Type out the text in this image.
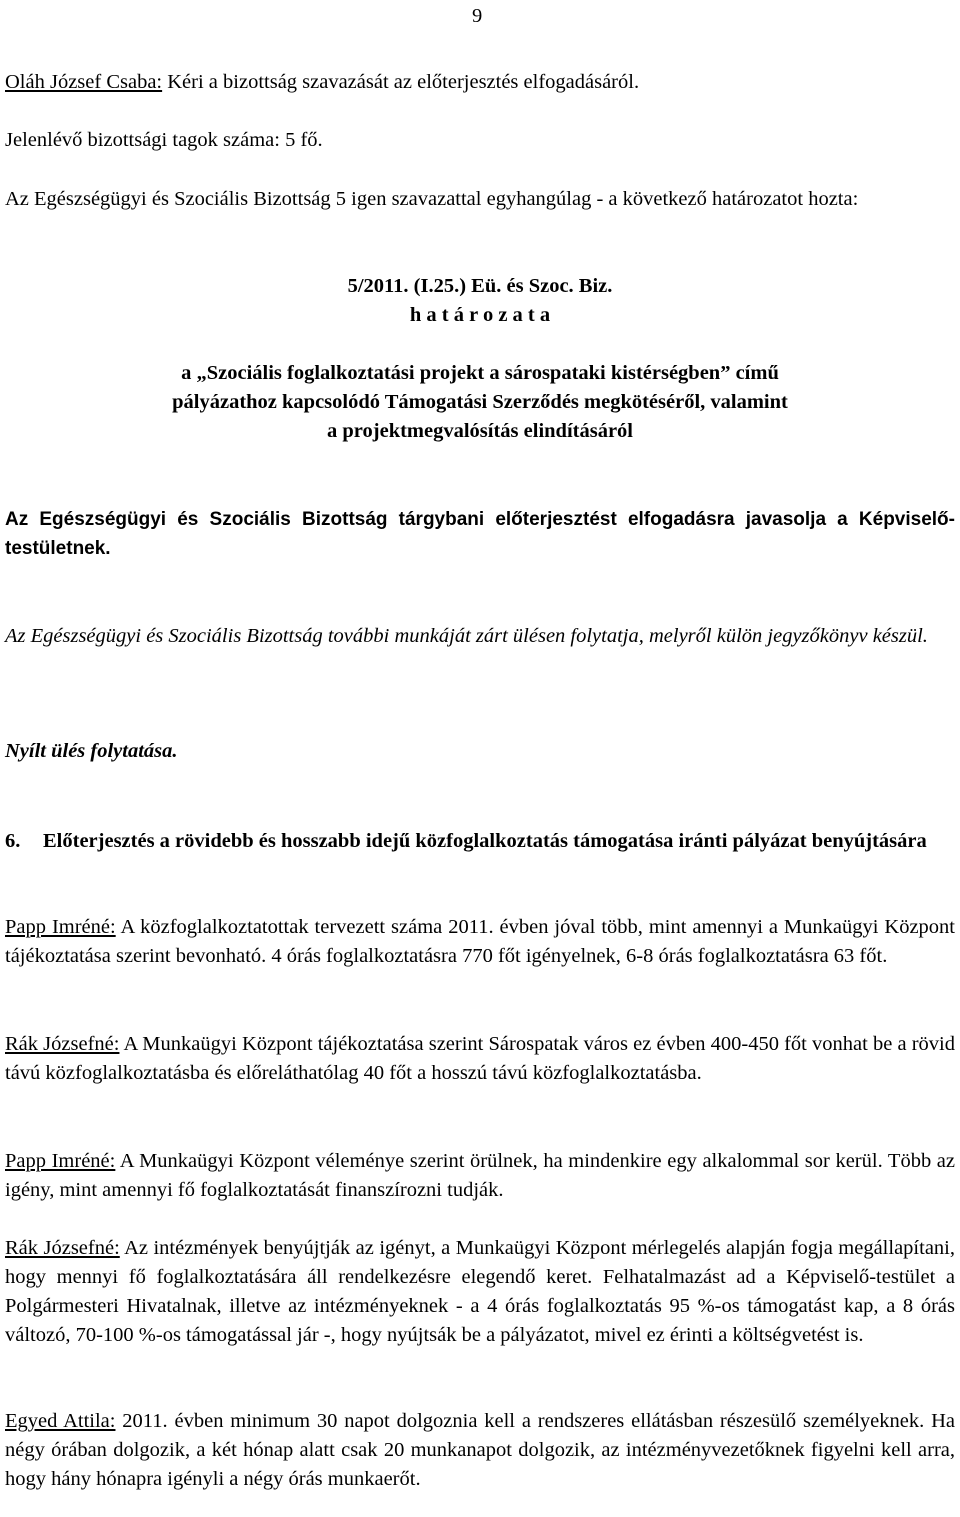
9

Oláh József Csaba: Kéri a bizottság szavazását az előterjesztés elfogadásáról.

Jelenlévő bizottsági tagok száma: 5 fő.

Az Egészségügyi és Szociális Bizottság 5 igen szavazattal egyhangúlag - a következő határozatot hozta:

5/2011. (I.25.) Eü. és Szoc. Biz.
h a t á r o z a t a
a „Szociális foglalkoztatási projekt a sárospataki kistérségben” című
pályázathoz kapcsolódó Támogatási Szerződés megkötéséről, valamint
a projektmegvalósítás elindításáról

Az Egészségügyi és Szociális Bizottság tárgybani előterjesztést elfogadásra javasolja a Képviselő-testületnek.

Az Egészségügyi és Szociális Bizottság további munkáját zárt ülésen folytatja, melyről külön jegyzőkönyv készül.

Nyílt ülés folytatása.

6.	Előterjesztés a rövidebb és hosszabb idejű közfoglalkoztatás támogatása iránti pályázat benyújtására

Papp Imréné: A közfoglalkoztatottak tervezett száma 2011. évben jóval több, mint amennyi a Munkaügyi Központ tájékoztatása szerint bevonható. 4 órás foglalkoztatásra 770 főt igényelnek, 6-8 órás foglalkoztatásra 63 főt.

Rák Józsefné: A Munkaügyi Központ tájékoztatása szerint Sárospatak város ez évben 400-450 főt vonhat be a rövid távú közfoglalkoztatásba és előreláthatólag 40 főt a hosszú távú közfoglalkoztatásba.

Papp Imréné: A Munkaügyi Központ véleménye szerint örülnek, ha mindenkire egy alkalommal sor kerül. Több az igény, mint amennyi fő foglalkoztatását finanszírozni tudják.

Rák Józsefné: Az intézmények benyújtják az igényt, a Munkaügyi Központ mérlegelés alapján fogja megállapítani, hogy mennyi fő foglalkoztatására áll rendelkezésre elegendő keret. Felhatalmazást ad a Képviselő-testület a Polgármesteri Hivatalnak, illetve az intézményeknek - a 4 órás foglalkoztatás 95 %-os támogatást kap, a 8 órás változó, 70-100 %-os támogatással jár -, hogy nyújtsák be a pályázatot, mivel ez érinti a költségvetést is.

Egyed Attila: 2011. évben minimum 30 napot dolgoznia kell a rendszeres ellátásban részesülő személyeknek. Ha négy órában dolgozik, a két hónap alatt csak 20 munkanapot dolgozik, az intézményvezetőknek figyelni kell arra, hogy hány hónapra igényli a négy órás munkaerőt.
